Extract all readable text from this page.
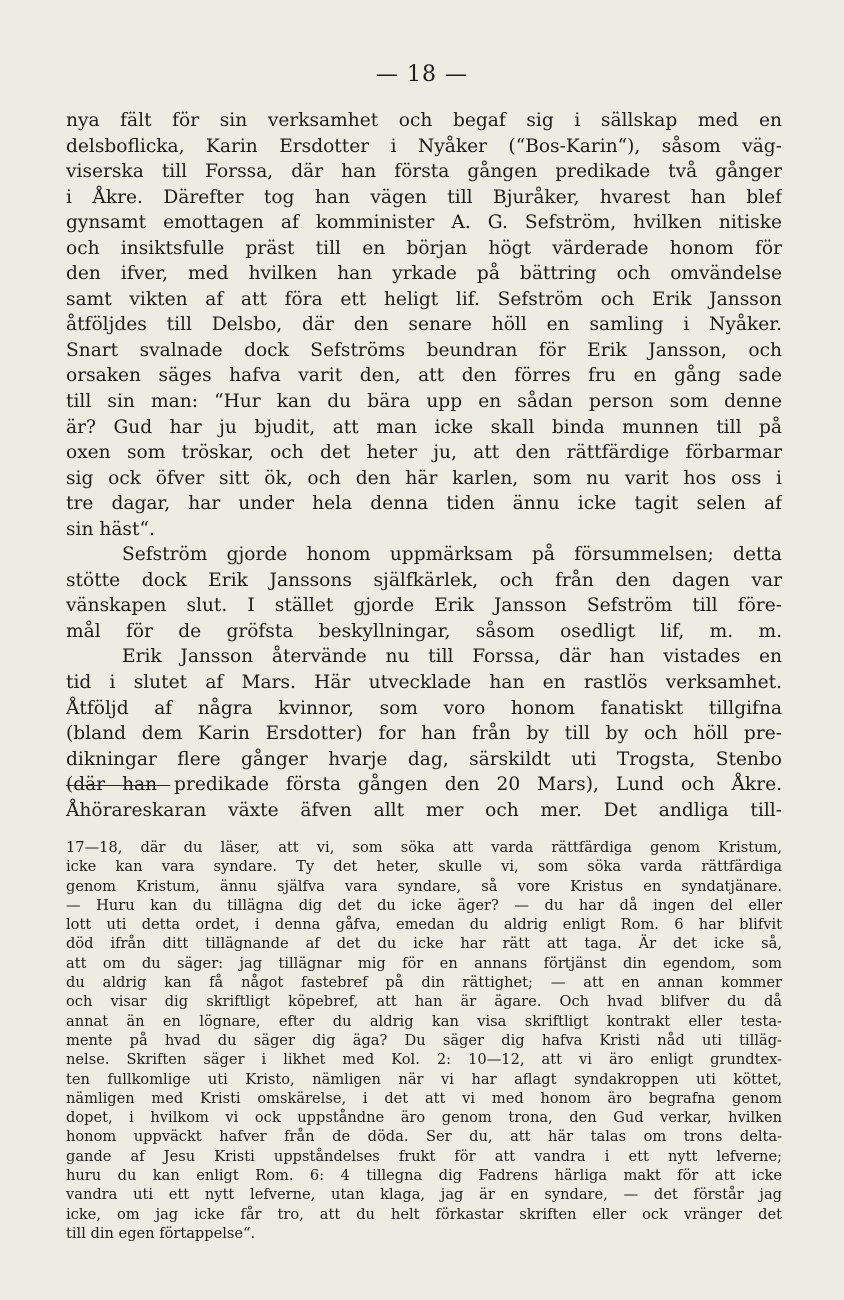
— 18 —
nya fält för sin verksamhet och begaf sig i sällskap med en
delsboflicka, Karin Ersdotter i Nyåker (“Bos-Karin“), såsom väg-
viserska till Forssa, där han första gången predikade två gånger
i Åkre. Därefter tog han vägen till Bjuråker, hvarest han blef
gynsamt emottagen af komminister A. G. Sefström, hvilken nitiske
och insiktsfulle präst till en början högt värderade honom för
den ifver, med hvilken han yrkade på bättring och omvändelse
samt vikten af att föra ett heligt lif. Sefström och Erik Jansson
åtföljdes till Delsbo, där den senare höll en samling i Nyåker.
Snart svalnade dock Sefströms beundran för Erik Jansson, och
orsaken säges hafva varit den, att den förres fru en gång sade
till sin man: “Hur kan du bära upp en sådan person som denne
är? Gud har ju bjudit, att man icke skall binda munnen till på
oxen som tröskar, och det heter ju, att den rättfärdige förbarmar
sig ock öfver sitt ök, och den här karlen, som nu varit hos oss i
tre dagar, har under hela denna tiden ännu icke tagit selen af
sin häst“.
Sefström gjorde honom uppmärksam på försummelsen; detta
stötte dock Erik Janssons själfkärlek, och från den dagen var
vänskapen slut. I stället gjorde Erik Jansson Sefström till före-
mål för de gröfsta beskyllningar, såsom osedligt lif, m. m.
Erik Jansson återvände nu till Forssa, där han vistades en
tid i slutet af Mars. Här utvecklade han en rastlös verksamhet.
Åtföljd af några kvinnor, som voro honom fanatiskt tillgifna
(bland dem Karin Ersdotter) for han från by till by och höll pre-
dikningar flere gånger hvarje dag, särskildt uti Trogsta, Stenbo
(där han predikade första gången den 20 Mars), Lund och Åkre.
Åhörareskaran växte äfven allt mer och mer. Det andliga till-
17—18, där du läser, att vi, som söka att varda rättfärdiga genom Kristum,
icke kan vara syndare. Ty det heter, skulle vi, som söka varda rättfärdiga
genom Kristum, ännu själfva vara syndare, så vore Kristus en syndatjänare.
— Huru kan du tillägna dig det du icke äger? — du har då ingen del eller
lott uti detta ordet, i denna gåfva, emedan du aldrig enligt Rom. 6 har blifvit
död ifrån ditt tillägnande af det du icke har rätt att taga. Är det icke så,
att om du säger: jag tillägnar mig för en annans förtjänst din egendom, som
du aldrig kan få något fastebref på din rättighet; — att en annan kommer
och visar dig skriftligt köpebref, att han är ägare. Och hvad blifver du då
annat än en lögnare, efter du aldrig kan visa skriftligt kontrakt eller testa-
mente på hvad du säger dig äga? Du säger dig hafva Kristi nåd uti tilläg-
nelse. Skriften säger i likhet med Kol. 2: 10—12, att vi äro enligt grundtex-
ten fullkomlige uti Kristo, nämligen när vi har aflagt syndakroppen uti köttet,
nämligen med Kristi omskärelse, i det att vi med honom äro begrafna genom
dopet, i hvilkom vi ock uppståndne äro genom trona, den Gud verkar, hvilken
honom uppväckt hafver från de döda. Ser du, att här talas om trons delta-
gande af Jesu Kristi uppståndelses frukt för att vandra i ett nytt lefverne;
huru du kan enligt Rom. 6: 4 tillegna dig Fadrens härliga makt för att icke
vandra uti ett nytt lefverne, utan klaga, jag är en syndare, — det förstår jag
icke, om jag icke får tro, att du helt förkastar skriften eller ock vränger det
till din egen förtappelse“.
